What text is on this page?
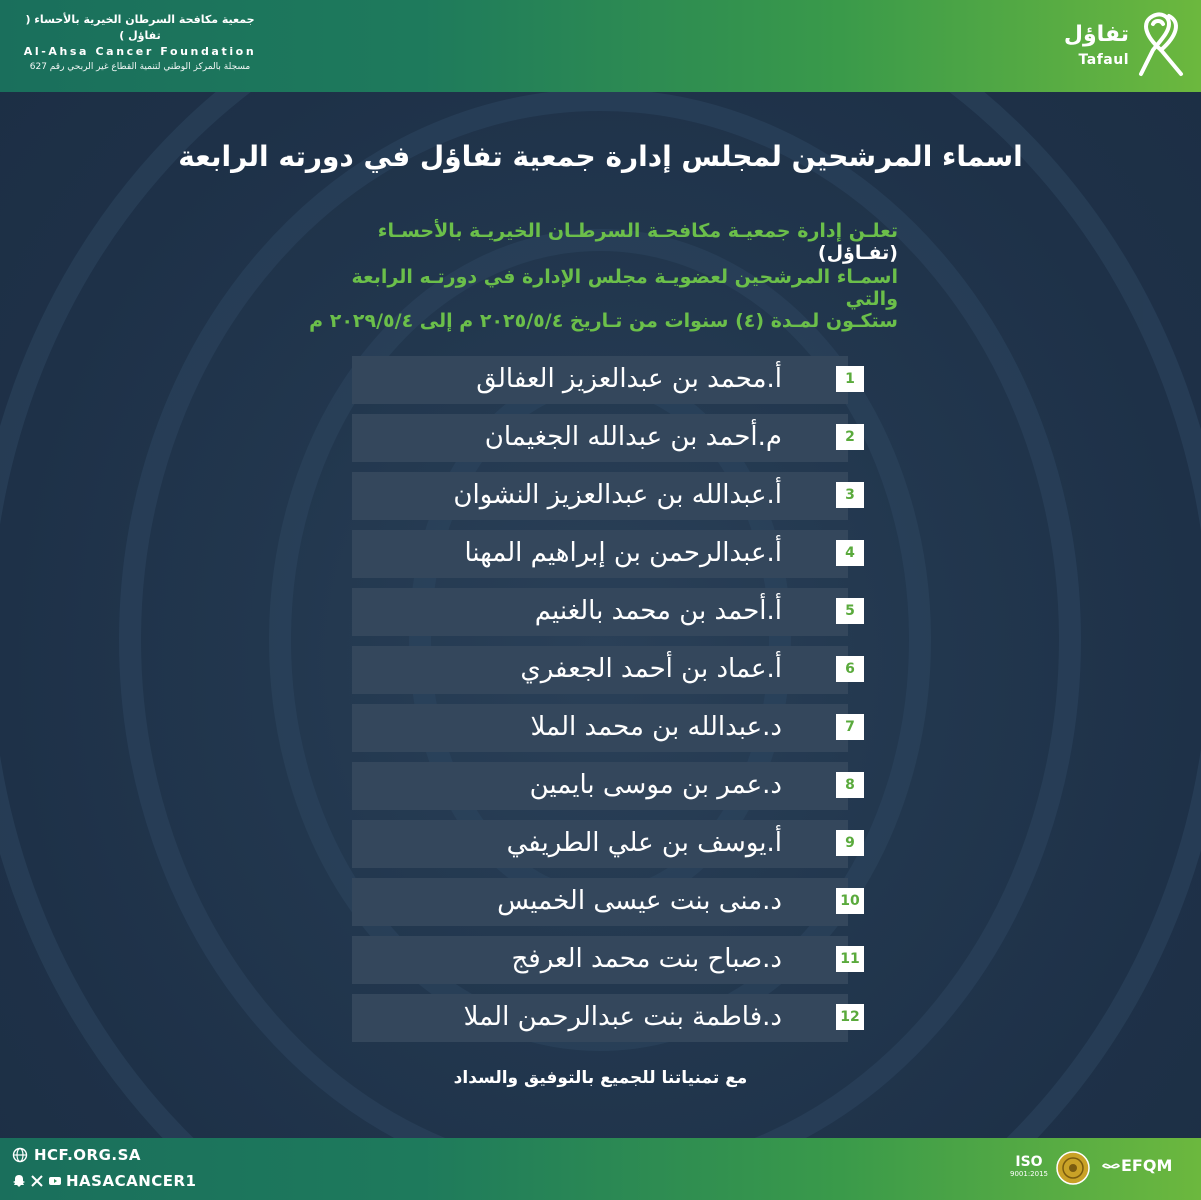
جمعية مكافحة السرطان الخيرية بالأحساء ( تفاؤل )
Al-Ahsa Cancer Foundation
مسجلة بالمركز الوطني لتنمية القطاع غير الربحي رقم 627
تفاؤل
Tafaul
اسماء المرشحين لمجلس إدارة جمعية تفاؤل في دورته الرابعة
تعلـن إدارة جمعيـة مكافحـة السرطـان الخيريـة بالأحسـاء (تفـاؤل)
اسمـاء المرشحين لعضويـة مجلس الإدارة في دورتـه الرابعة والتي
ستكـون لمـدة (٤) سنوات من تـاريخ ٢٠٢٥/٥/٤ م إلى ٢٠٢٩/٥/٤ م
أ.محمد بن عبدالعزيز العفالق	1
م.أحمد بن عبدالله الجغيمان	2
أ.عبدالله بن عبدالعزيز النشوان	3
أ.عبدالرحمن بن إبراهيم المهنا	4
أ.أحمد بن محمد بالغنيم	5
أ.عماد بن أحمد الجعفري	6
د.عبدالله بن محمد الملا	7
د.عمر بن موسى بايمين	8
أ.يوسف بن علي الطريفي	9
د.منى بنت عيسى الخميس	10
د.صباح بنت محمد العرفج	11
د.فاطمة بنت عبدالرحمن الملا	12
مع تمنياتنا للجميع بالتوفيق والسداد
HCF.ORG.SA
HASACANCER1
ISO
9001:2015	EFQM
